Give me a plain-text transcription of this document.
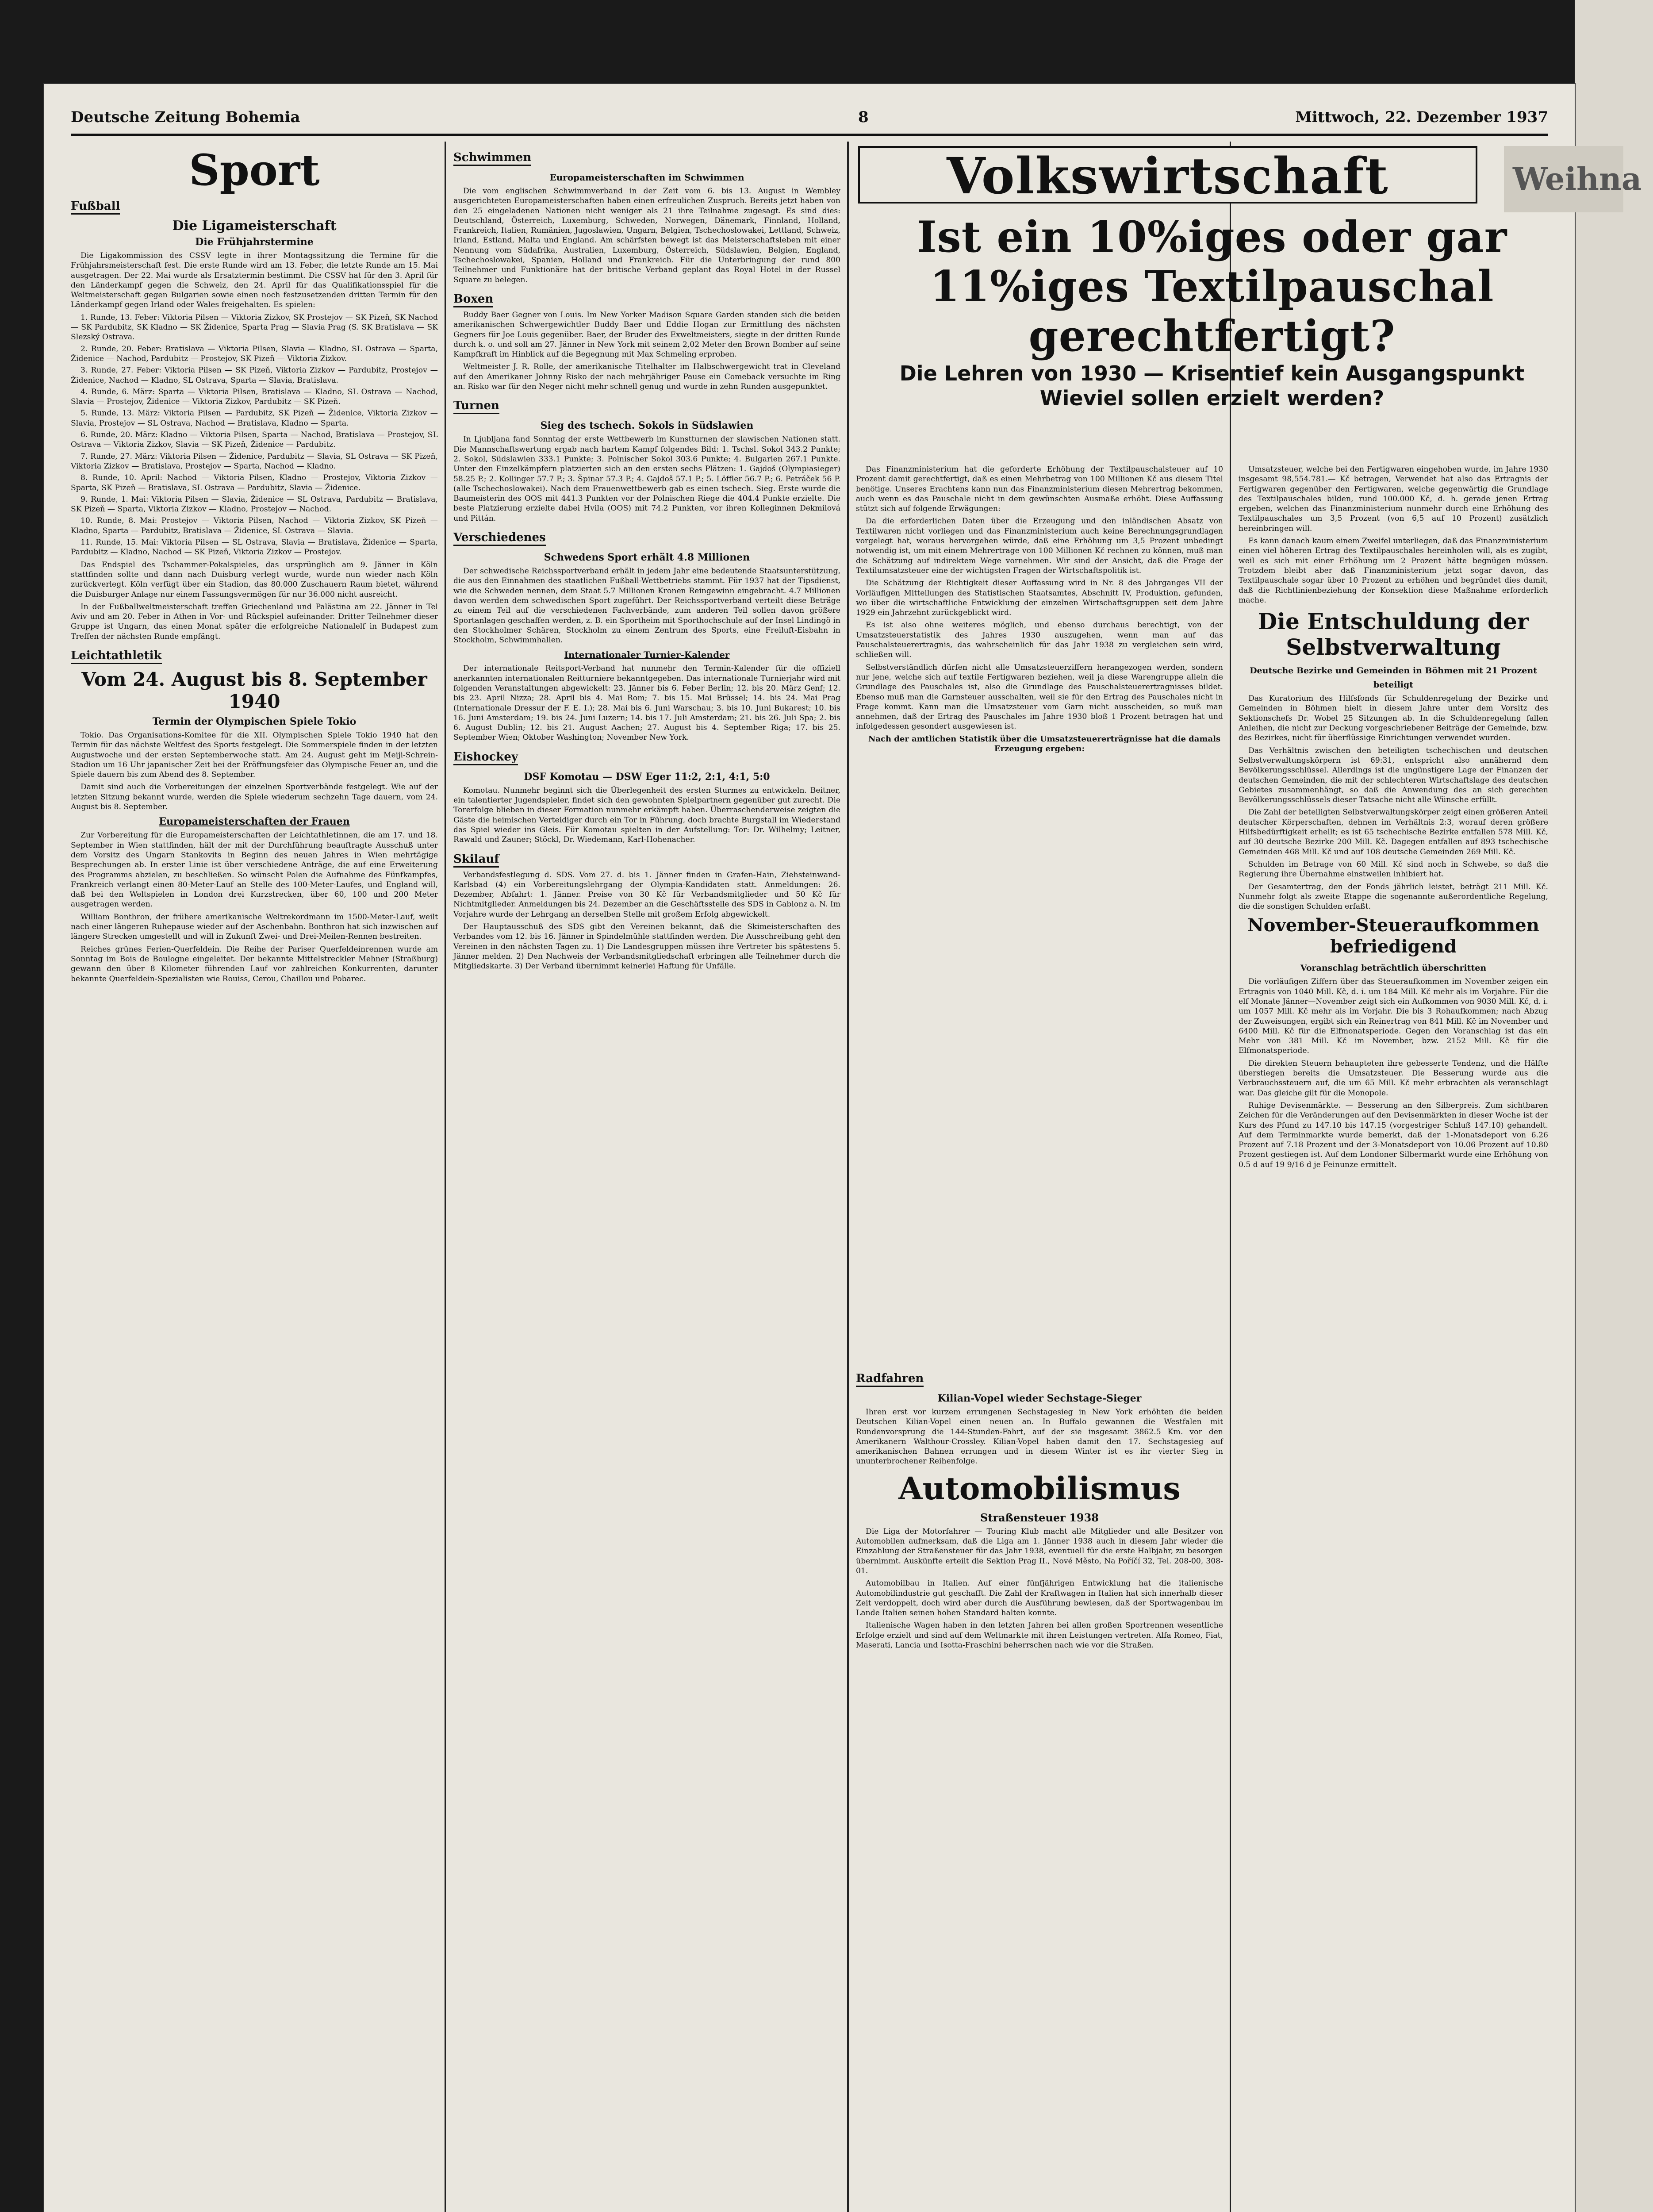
Deutsche Zeitung Bohemia	8	Mittwoch, 22. Dezember 1937
Sport
Fußball
Die Ligameisterschaft
Die Frühjahrstermine

Die Ligakommission des CSSV legte in ihrer Montagssitzung die Termine für die Frühjahrsmeisterschaft fest. Die erste Runde wird am 13. Feber, die letzte Runde am 15. Mai ausgetragen. Der 22. Mai wurde als Ersatztermin bestimmt. Die CSSV hat für den 3. April für den Länderkampf gegen die Schweiz, den 24. April für das Qualifikationsspiel für die Weltmeisterschaft gegen Bulgarien sowie einen noch festzusetzenden dritten Termin für den Länderkampf gegen Irland oder Wales freigehalten. Es spielen:

1. Runde, 13. Feber: Viktoria Pilsen — Viktoria Zizkov, SK Prostejov — SK Pizeň, SK Nachod — SK Pardubitz, SK Kladno — SK Židenice, Sparta Prag — Slavia Prag (S. SK Bratislava — SK Slezský Ostrava.
2. Runde, 20. Feber: Bratislava — Viktoria Pilsen, Slavia — Kladno, SL Ostrava — Sparta, Židenice — Nachod, Pardubitz — Prostejov, SK Pizeň — Viktoria Zizkov.
3. Runde, 27. Feber: Viktoria Pilsen — SK Pizeň, Viktoria Zizkov — Pardubitz, Prostejov — Židenice, Nachod — Kladno, SL Ostrava, Sparta — Slavia, Bratislava.
4. Runde, 6. März: Sparta — Viktoria Pilsen, Bratislava — Kladno, SL Ostrava — Nachod, Slavia — Prostejov, Židenice — Viktoria Zizkov, Pardubitz — SK Pizeň.
5. Runde, 13. März: Viktoria Pilsen — Pardubitz, SK Pizeň — Židenice, Viktoria Zizkov — Slavia, Prostejov — SL Ostrava, Nachod — Bratislava, Kladno — Sparta.
6. Runde, 20. März: Kladno — Viktoria Pilsen, Sparta — Nachod, Bratislava — Prostejov, SL Ostrava — Viktoria Zizkov, Slavia — SK Pizeň, Židenice — Pardubitz.
7. Runde, 27. März: Viktoria Pilsen — Židenice, Pardubitz — Slavia, SL Ostrava — SK Pizeň, Viktoria Zizkov — Bratislava, Prostejov — Sparta, Nachod — Kladno.
8. Runde, 10. April: Nachod — Viktoria Pilsen, Kladno — Prostejov, Viktoria Zizkov — Sparta, SK Pizeň — Bratislava, SL Ostrava — Pardubitz, Slavia — Židenice.
9. Runde, 1. Mai: Viktoria Pilsen — Slavia, Židenice — SL Ostrava, Pardubitz — Bratislava, SK Pizeň — Sparta, Viktoria Zizkov — Kladno, Prostejov — Nachod.
10. Runde, 8. Mai: Prostejov — Viktoria Pilsen, Nachod — Viktoria Zizkov, SK Pizeň — Kladno, Sparta — Pardubitz, Bratislava — Židenice, SL Ostrava — Slavia.
11. Runde, 15. Mai: Viktoria Pilsen — SL Ostrava, Slavia — Bratislava, Židenice — Sparta, Pardubitz — Kladno, Nachod — SK Pizeň, Viktoria Zizkov — Prostejov.

Das Endspiel des Tschammer-Pokalspieles, das ursprünglich am 9. Jänner in Köln stattfinden sollte und dann nach Duisburg verlegt wurde, wurde nun wieder nach Köln zurückverlegt. Köln verfügt über ein Stadion, das 80.000 Zuschauern Raum bietet, während die Duisburger Anlage nur einem Fassungsvermögen für nur 36.000 nicht ausreicht.

In der Fußballweltmeisterschaft treffen Griechenland und Palästina am 22. Jänner in Tel Aviv und am 20. Feber in Athen in Vor- und Rückspiel aufeinander. Dritter Teilnehmer dieser Gruppe ist Ungarn, das einen Monat später die erfolgreiche Nationalelf in Budapest zum Treffen der nächsten Runde empfängt.

Leichtathletik
Vom 24. August bis 8. September 1940
Termin der Olympischen Spiele Tokio

Tokio. Das Organisations-Komitee für die XII. Olympischen Spiele Tokio 1940 hat den Termin für das nächste Weltfest des Sports festgelegt. Die Sommerspiele finden in der letzten Augustwoche und der ersten Septemberwoche statt. Am 24. August geht im Meiji-Schrein-Stadion um 16 Uhr japanischer Zeit bei der Eröffnungsfeier das Olympische Feuer an, und die Spiele dauern bis zum Abend des 8. September.

Damit sind auch die Vorbereitungen der einzelnen Sportverbände festgelegt. Wie auf der letzten Sitzung bekannt wurde, werden die Spiele wiederum sechzehn Tage dauern, vom 24. August bis 8. September.

Europameisterschaften der Frauen

Zur Vorbereitung für die Europameisterschaften der Leichtathletinnen, die am 17. und 18. September in Wien stattfinden, hält der mit der Durchführung beauftragte Ausschuß unter dem Vorsitz des Ungarn Stankovits in Beginn des neuen Jahres in Wien mehrtägige Besprechungen ab. In erster Linie ist über verschiedene Anträge, die auf eine Erweiterung des Programms abzielen, zu beschließen. So wünscht Polen die Aufnahme des Fünfkampfes, Frankreich verlangt einen 80-Meter-Lauf an Stelle des 100-Meter-Laufes, und England will, daß bei den Weltspielen in London drei Kurzstrecken, über 60, 100 und 200 Meter ausgetragen werden.

William Bonthron, der frühere amerikanische Weltrekordmann im 1500-Meter-Lauf, weilt nach einer längeren Ruhepause wieder auf der Aschenbahn. Bonthron hat sich inzwischen auf längere Strecken umgestellt und will in Zukunft Zwei- und Drei-Meilen-Rennen bestreiten.

Reiches grünes Ferien-Querfeldein. Die Reihe der Pariser Querfeldeinrennen wurde am Sonntag im Bois de Boulogne eingeleitet. Der bekannte Mittelstreckler Mehner (Straßburg) gewann den über 8 Kilometer führenden Lauf vor zahlreichen Konkurrenten, darunter bekannte Querfeldein-Spezialisten wie Rouiss, Cerou, Chaillou und Pobarec.

Schwimmen
Europameisterschaften im Schwimmen

Die vom englischen Schwimmverband in der Zeit vom 6. bis 13. August in Wembley ausgerichteten Europameisterschaften haben einen erfreulichen Zuspruch. Bereits jetzt haben von den 25 eingeladenen Nationen nicht weniger als 21 ihre Teilnahme zugesagt. Es sind dies: Deutschland, Österreich, Luxemburg, Schweden, Norwegen, Dänemark, Finnland, Holland, Frankreich, Italien, Rumänien, Jugoslawien, Ungarn, Belgien, Tschechoslowakei, Lettland, Schweiz, Irland, Estland, Malta und England. Am schärfsten bewegt ist das Meisterschaftsleben mit einer Nennung vom Südafrika, Australien, Luxemburg, Österreich, Südslawien, Belgien, England, Tschechoslowakei, Spanien, Holland und Frankreich. Für die Unterbringung der rund 800 Teilnehmer und Funktionäre hat der britische Verband geplant das Royal Hotel in der Russel Square zu belegen.

Boxen

Buddy Baer Gegner von Louis. Im New Yorker Madison Square Garden standen sich die beiden amerikanischen Schwergewichtler Buddy Baer und Eddie Hogan zur Ermittlung des nächsten Gegners für Joe Louis gegenüber. Baer, der Bruder des Exweltmeisters, siegte in der dritten Runde durch k. o. und soll am 27. Jänner in New York mit seinem 2,02 Meter den Brown Bomber auf seine Kampfkraft im Hinblick auf die Begegnung mit Max Schmeling erproben.

Weltmeister J. R. Rolle, der amerikanische Titelhalter im Halbschwergewicht trat in Cleveland auf den Amerikaner Johnny Risko der nach mehrjähriger Pause ein Comeback versuchte im Ring an. Risko war für den Neger nicht mehr schnell genug und wurde in zehn Runden ausgepunktet.

Turnen
Sieg des tschech. Sokols in Südslawien

In Ljubljana fand Sonntag der erste Wettbewerb im Kunstturnen der slawischen Nationen statt. Die Mannschaftswertung ergab nach hartem Kampf folgendes Bild: 1. Tschsl. Sokol 343.2 Punkte; 2. Sokol, Südslawien 333.1 Punkte; 3. Polnischer Sokol 303.6 Punkte; 4. Bulgarien 267.1 Punkte. Unter den Einzelkämpfern platzierten sich an den ersten sechs Plätzen: 1. Gajdoš (Olympiasieger) 58.25 P.; 2. Kollinger 57.7 P.; 3. Špinar 57.3 P.; 4. Gajdoš 57.1 P.; 5. Löffler 56.7 P.; 6. Petráček 56 P. (alle Tschechoslowakei). Nach dem Frauenwettbewerb gab es einen tschech. Sieg. Erste wurde die Baumeisterin des OOS mit 441.3 Punkten vor der Polnischen Riege die 404.4 Punkte erzielte. Die beste Platzierung erzielte dabei Hvila (OOS) mit 74.2 Punkten, vor ihren Kolleginnen Dekmilová und Pittán.

Verschiedenes
Schwedens Sport erhält 4.8 Millionen

Der schwedische Reichssportverband erhält in jedem Jahr eine bedeutende Staatsunterstützung, die aus den Einnahmen des staatlichen Fußball-Wettbetriebs stammt. Für 1937 hat der Tipsdienst, wie die Schweden nennen, dem Staat 5.7 Millionen Kronen Reingewinn eingebracht. 4.7 Millionen davon werden dem schwedischen Sport zugeführt. Der Reichssportverband verteilt diese Beträge zu einem Teil auf die verschiedenen Fachverbände, zum anderen Teil sollen davon größere Sportanlagen geschaffen werden, z. B. ein Sportheim mit Sporthochschule auf der Insel Lindingö in den Stockholmer Schären, Stockholm zu einem Zentrum des Sports, eine Freiluft-Eisbahn in Stockholm, Schwimmhallen.

Internationaler Turnier-Kalender

Der internationale Reitsport-Verband hat nunmehr den Termin-Kalender für die offiziell anerkannten internationalen Reitturniere bekanntgegeben. Das internationale Turnierjahr wird mit folgenden Veranstaltungen abgewickelt: 23. Jänner bis 6. Feber Berlin; 12. bis 20. März Genf; 12. bis 23. April Nizza; 28. April bis 4. Mai Rom; 7. bis 15. Mai Brüssel; 14. bis 24. Mai Prag (Internationale Dressur der F. E. I.); 28. Mai bis 6. Juni Warschau; 3. bis 10. Juni Bukarest; 10. bis 16. Juni Amsterdam; 19. bis 24. Juni Luzern; 14. bis 17. Juli Amsterdam; 21. bis 26. Juli Spa; 2. bis 6. August Dublin; 12. bis 21. August Aachen; 27. August bis 4. September Riga; 17. bis 25. September Wien; Oktober Washington; November New York.

Eishockey
DSF Komotau — DSW Eger 11:2, 2:1, 4:1, 5:0

Komotau. Nunmehr beginnt sich die Überlegenheit des ersten Sturmes zu entwickeln. Beitner, ein talentierter Jugendspieler, findet sich den gewohnten Spielpartnern gegenüber gut zurecht. Die Torerfolge blieben in dieser Formation nunmehr erkämpft haben. Überraschenderweise zeigten die Gäste die heimischen Verteidiger durch ein Tor in Führung, doch brachte Burgstall im Wiederstand das Spiel wieder ins Gleis. Für Komotau spielten in der Aufstellung: Tor: Dr. Wilhelmy; Leitner, Rawald und Zauner; Stöckl, Dr. Wiedemann, Karl-Hohenacher.

Skilauf

Verbandsfestlegung d. SDS. Vom 27. d. bis 1. Jänner finden in Grafen-Hain, Ziehsteinwand-Karlsbad (4) ein Vorbereitungslehrgang der Olympia-Kandidaten statt. Anmeldungen: 26. Dezember, Abfahrt: 1. Jänner. Preise von 30 Kč für Verbandsmitglieder und 50 Kč für Nichtmitglieder. Anmeldungen bis 24. Dezember an die Geschäftsstelle des SDS in Gablonz a. N. Im Vorjahre wurde der Lehrgang an derselben Stelle mit großem Erfolg abgewickelt.

Der Hauptausschuß des SDS gibt den Vereinen bekannt, daß die Skimeisterschaften des Verbandes vom 12. bis 16. Jänner in Spindelmühle stattfinden werden. Die Ausschreibung geht den Vereinen in den nächsten Tagen zu. 1) Die Landesgruppen müssen ihre Vertreter bis spätestens 5. Jänner melden. 2) Den Nachweis der Verbandsmitgliedschaft erbringen alle Teilnehmer durch die Mitgliedskarte. 3) Der Verband übernimmt keinerlei Haftung für Unfälle.

Volkswirtschaft	Weihna
Ist ein 10%iges oder gar 11%iges Textilpauschal gerechtfertigt?
Die Lehren von 1930 — Krisentief kein Ausgangspunkt Wieviel sollen erzielt werden?

Das Finanzministerium hat die geforderte Erhöhung der Textilpauschalsteuer auf 10 Prozent damit gerechtfertigt, daß es einen Mehrbetrag von 100 Millionen Kč aus diesem Titel benötige. Unseres Erachtens kann nun das Finanzministerium diesen Mehrertrag bekommen, auch wenn es das Pauschale nicht in dem gewünschten Ausmaße erhöht. Diese Auffassung stützt sich auf folgende Erwägungen:

Da die erforderlichen Daten über die Erzeugung und den inländischen Absatz von Textilwaren nicht vorliegen und das Finanzministerium auch keine Berechnungsgrundlagen vorgelegt hat, woraus hervorgehen würde, daß eine Erhöhung um 3,5 Prozent unbedingt notwendig ist, um mit einem Mehrertrage von 100 Millionen Kč rechnen zu können, muß man die Schätzung auf indirektem Wege vornehmen. Wir sind der Ansicht, daß die Frage der Textilumsatzsteuer eine der wichtigsten Fragen der Wirtschaftspolitik ist.

Die Schätzung der Richtigkeit dieser Auffassung wird in Nr. 8 des Jahrganges VII der Vorläufigen Mitteilungen des Statistischen Staatsamtes, Abschnitt IV, Produktion, gefunden, wo über die wirtschaftliche Entwicklung der einzelnen Wirtschaftsgruppen seit dem Jahre 1929 ein Jahrzehnt zurückgeblickt wird.

Es ist also ohne weiteres möglich, und ebenso durchaus berechtigt, von der Umsatzsteuerstatistik des Jahres 1930 auszugehen, wenn man auf das Pauschalsteuerertragnis, das wahrscheinlich für das Jahr 1938 zu vergleichen sein wird, schließen will.

Selbstverständlich dürfen nicht alle Umsatzsteuerziffern herangezogen werden, sondern nur jene, welche sich auf textile Fertigwaren beziehen, weil ja diese Warengruppe allein die Grundlage des Pauschales ist, also die Grundlage des Pauschalsteuerertragnisses bildet. Ebenso muß man die Garnsteuer ausschalten, weil sie für den Ertrag des Pauschales nicht in Frage kommt. Kann man die Umsatzsteuer vom Garn nicht ausscheiden, so muß man annehmen, daß der Ertrag des Pauschales im Jahre 1930 bloß 1 Prozent betragen hat und infolgedessen gesondert ausgewiesen ist.

Nach der amtlichen Statistik über die Umsatzsteuererträgnisse hat die damals Erzeugung ergeben:

Radfahren
Kilian-Vopel wieder Sechstage-Sieger

Ihren erst vor kurzem errungenen Sechstagesieg in New York erhöhten die beiden Deutschen Kilian-Vopel einen neuen an. In Buffalo gewannen die Westfalen mit Rundenvorsprung die 144-Stunden-Fahrt, auf der sie insgesamt 3862.5 Km. vor den Amerikanern Walthour-Crossley. Kilian-Vopel haben damit den 17. Sechstagesieg auf amerikanischen Bahnen errungen und in diesem Winter ist es ihr vierter Sieg in ununterbrochener Reihenfolge.

Automobilismus
Straßensteuer 1938

Die Liga der Motorfahrer — Touring Klub macht alle Mitglieder und alle Besitzer von Automobilen aufmerksam, daß die Liga am 1. Jänner 1938 auch in diesem Jahr wieder die Einzahlung der Straßensteuer für das Jahr 1938, eventuell für die erste Halbjahr, zu besorgen übernimmt. Auskünfte erteilt die Sektion Prag II., Nové Město, Na Poříčí 32, Tel. 208-00, 308-01.

Automobilbau in Italien. Auf einer fünfjährigen Entwicklung hat die italienische Automobilindustrie gut geschafft. Die Zahl der Kraftwagen in Italien hat sich innerhalb dieser Zeit verdoppelt, doch wird aber durch die Ausführung bewiesen, daß der Sportwagenbau im Lande Italien seinen hohen Standard halten konnte.

Italienische Wagen haben in den letzten Jahren bei allen großen Sportrennen wesentliche Erfolge erzielt und sind auf dem Weltmarkte mit ihren Leistungen vertreten. Alfa Romeo, Fiat, Maserati, Lancia und Isotta-Fraschini beherrschen nach wie vor die Straßen.

Umsatzsteuer, welche bei den Fertigwaren eingehoben wurde, im Jahre 1930 insgesamt 98,554.781.— Kč betragen, Verwendet hat also das Ertragnis der Fertigwaren gegenüber den Fertigwaren, welche gegenwärtig die Grundlage des Textilpauschales bilden, rund 100.000 Kč, d. h. gerade jenen Ertrag ergeben, welchen das Finanzministerium nunmehr durch eine Erhöhung des Textilpauschales um 3,5 Prozent (von 6,5 auf 10 Prozent) zusätzlich hereinbringen will.

Es kann danach kaum einem Zweifel unterliegen, daß das Finanzministerium einen viel höheren Ertrag des Textilpauschales hereinholen will, als es zugibt, weil es sich mit einer Erhöhung um 2 Prozent hätte begnügen müssen. Trotzdem bleibt aber daß Finanzministerium jetzt sogar davon, das Textilpauschale sogar über 10 Prozent zu erhöhen und begründet dies damit, daß die Richtlinienbeziehung der Konsektion diese Maßnahme erforderlich mache.

Die Entschuldung der Selbstverwaltung
Deutsche Bezirke und Gemeinden in Böhmen mit 21 Prozent beteiligt

Das Kuratorium des Hilfsfonds für Schuldenregelung der Bezirke und Gemeinden in Böhmen hielt in diesem Jahre unter dem Vorsitz des Sektionschefs Dr. Wobel 25 Sitzungen ab. In die Schuldenregelung fallen Anleihen, die nicht zur Deckung vorgeschriebener Beiträge der Gemeinde, bzw. des Bezirkes, nicht für überflüssige Einrichtungen verwendet wurden.

Das Verhältnis zwischen den beteiligten tschechischen und deutschen Selbstverwaltungskörpern ist 69:31, entspricht also annähernd dem Bevölkerungsschlüssel. Allerdings ist die ungünstigere Lage der Finanzen der deutschen Gemeinden, die mit der schlechteren Wirtschaftslage des deutschen Gebietes zusammenhängt, so daß die Anwendung des an sich gerechten Bevölkerungsschlüssels dieser Tatsache nicht alle Wünsche erfüllt.

Die Zahl der beteiligten Selbstverwaltungskörper zeigt einen größeren Anteil deutscher Körperschaften, dehnen im Verhältnis 2:3, worauf deren größere Hilfsbedürftigkeit erhellt; es ist 65 tschechische Bezirke entfallen 578 Mill. Kč, auf 30 deutsche Bezirke 200 Mill. Kč. Dagegen entfallen auf 893 tschechische Gemeinden 468 Mill. Kč und auf 108 deutsche Gemeinden 269 Mill. Kč.

Schulden im Betrage von 60 Mill. Kč sind noch in Schwebe, so daß die Regierung ihre Übernahme einstweilen inhibiert hat.

Der Gesamtertrag, den der Fonds jährlich leistet, beträgt 211 Mill. Kč. Nunmehr folgt als zweite Etappe die sogenannte außerordentliche Regelung, die die sonstigen Schulden erfaßt.

November-Steueraufkommen befriedigend
Voranschlag beträchtlich überschritten

Die vorläufigen Ziffern über das Steueraufkommen im November zeigen ein Ertragnis von 1040 Mill. Kč, d. i. um 184 Mill. Kč mehr als im Vorjahre. Für die elf Monate Jänner—November zeigt sich ein Aufkommen von 9030 Mill. Kč, d. i. um 1057 Mill. Kč mehr als im Vorjahr. Die bis 3 Rohaufkommen; nach Abzug der Zuweisungen, ergibt sich ein Reinertrag von 841 Mill. Kč im November und 6400 Mill. Kč für die Elfmonatsperiode. Gegen den Voranschlag ist das ein Mehr von 381 Mill. Kč im November, bzw. 2152 Mill. Kč für die Elfmonatsperiode.

Die direkten Steuern behaupteten ihre gebesserte Tendenz, und die Hälfte überstiegen bereits die Umsatzsteuer. Die Besserung wurde aus die Verbrauchssteuern auf, die um 65 Mill. Kč mehr erbrachten als veranschlagt war. Das gleiche gilt für die Monopole.

Ruhige Devisenmärkte. — Besserung an den Silberpreis. Zum sichtbaren Zeichen für die Veränderungen auf den Devisenmärkten in dieser Woche ist der Kurs des Pfund zu 147.10 bis 147.15 (vorgestriger Schluß 147.10) gehandelt. Auf dem Terminmarkte wurde bemerkt, daß der 1-Monatsdeport von 6.26 Prozent auf 7.18 Prozent und der 3-Monatsdeport von 10.06 Prozent auf 10.80 Prozent gestiegen ist. Auf dem Londoner Silbermarkt wurde eine Erhöhung von 0.5 d auf 19 9/16 d je Feinunze ermittelt.
